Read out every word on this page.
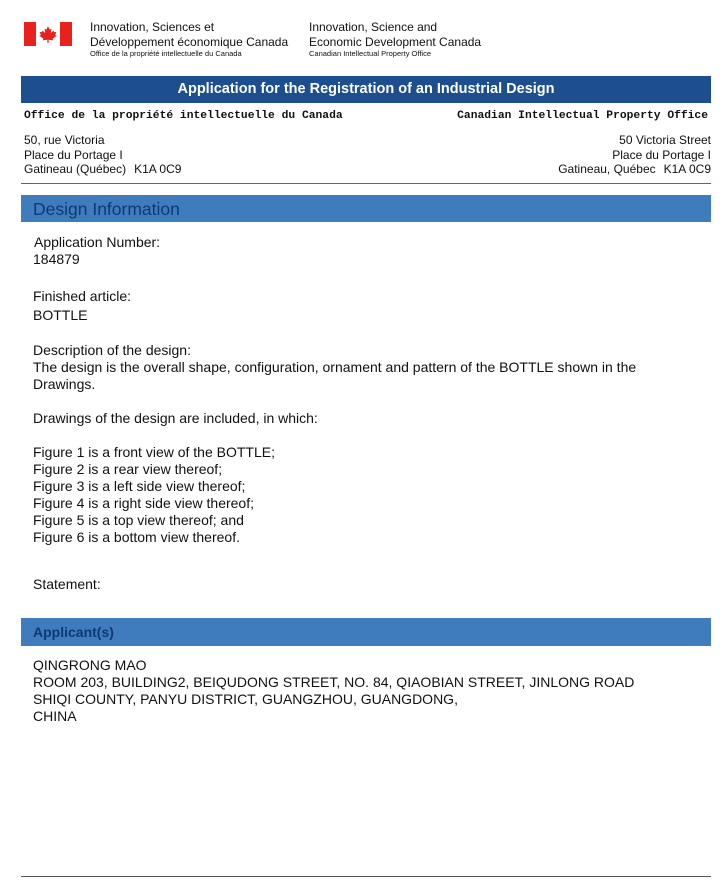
Innovation, Sciences et
Développement économique Canada
Office de la propriété intellectuelle du Canada
Innovation, Science and
Economic Development Canada
Canadian Intellectual Property Office
Application for the Registration of an Industrial Design
Office de la propriété intellectuelle du Canada	Canadian Intellectual Property Office
50, rue Victoria
Place du Portage I
Gatineau (Québec) K1A 0C9
50 Victoria Street
Place du Portage I
Gatineau, Québec K1A 0C9
Design Information
Application Number:
184879
Finished article:
BOTTLE
Description of the design:
The design is the overall shape, configuration, ornament and pattern of the BOTTLE shown in the Drawings.
Drawings of the design are included, in which:
Figure 1 is a front view of the BOTTLE;
Figure 2 is a rear view thereof;
Figure 3 is a left side view thereof;
Figure 4 is a right side view thereof;
Figure 5 is a top view thereof; and
Figure 6 is a bottom view thereof.
Statement:
Applicant(s)
QINGRONG MAO
ROOM 203, BUILDING2, BEIQUDONG STREET, NO. 84, QIAOBIAN STREET, JINLONG ROAD
SHIQI COUNTY, PANYU DISTRICT, GUANGZHOU, GUANGDONG,
CHINA
